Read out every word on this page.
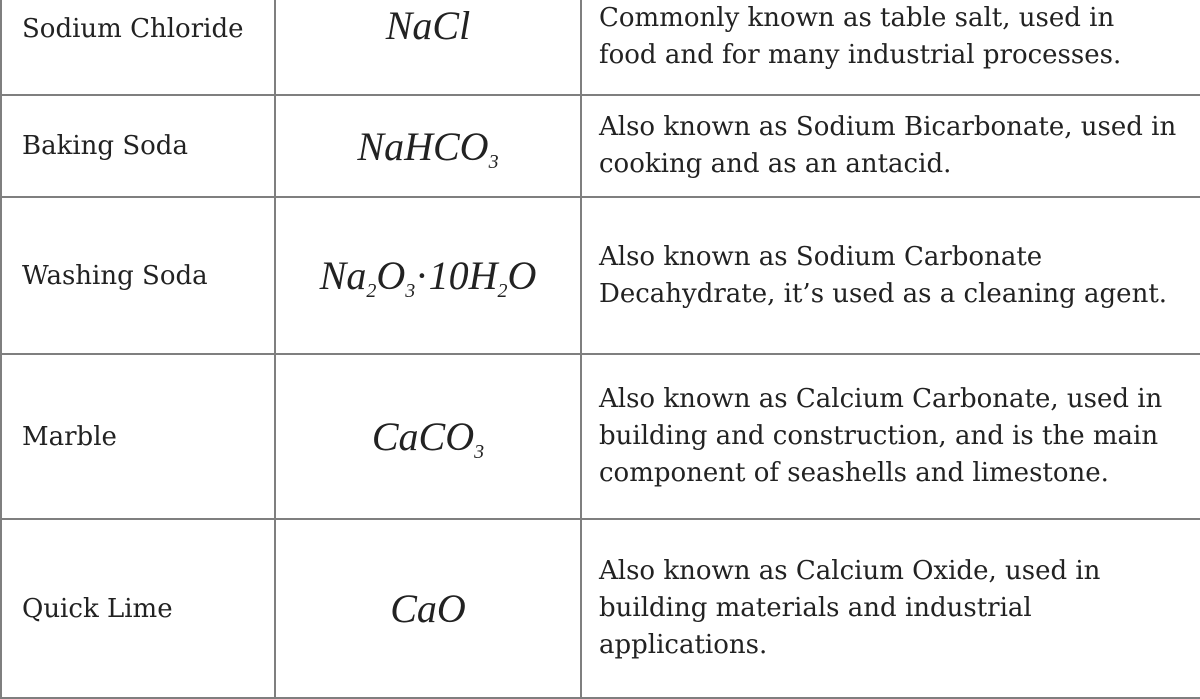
Sodium Chloride	NaCl	Commonly known as table salt, used in
food and for many industrial processes.

Baking Soda	NaHCO$_3$	Also known as Sodium Bicarbonate, used in
cooking and as an antacid.

Washing Soda	$Na_2O_3\cdot 10H_2O$	Also known as Sodium Carbonate
Decahydrate, it’s used as a cleaning agent.

Marble	CaCO$_3$	Also known as Calcium Carbonate, used in
building and construction, and is the main
component of seashells and limestone.

Quick Lime	CaO	Also known as Calcium Oxide, used in
building materials and industrial
applications.
